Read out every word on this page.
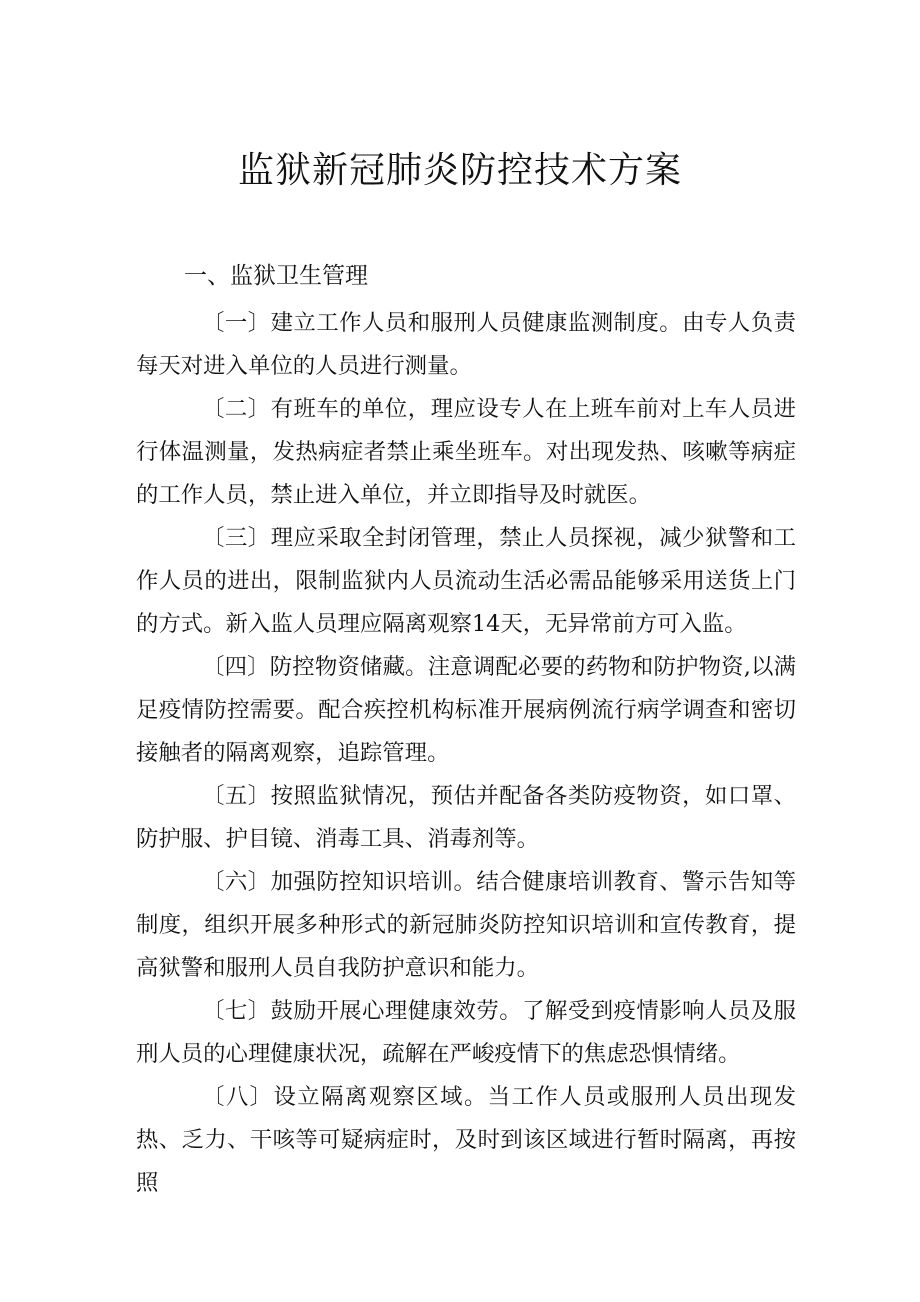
监狱新冠肺炎防控技术方案
一、监狱卫生管理

〔一〕建立工作人员和服刑人员健康监测制度。由专人负责每天对进入单位的人员进行测量。

〔二〕有班车的单位，理应设专人在上班车前对上车人员进行体温测量，发热病症者禁止乘坐班车。对出现发热、咳嗽等病症的工作人员，禁止进入单位，并立即指导及时就医。

〔三〕理应采取全封闭管理，禁止人员探视，减少狱警和工作人员的进出，限制监狱内人员流动生活必需品能够采用送货上门的方式。新入监人员理应隔离观察14天，无异常前方可入监。

〔四〕防控物资储藏。注意调配必要的药物和防护物资,以满足疫情防控需要。配合疾控机构标准开展病例流行病学调查和密切接触者的隔离观察，追踪管理。

〔五〕按照监狱情况，预估并配备各类防疫物资，如口罩、防护服、护目镜、消毒工具、消毒剂等。

〔六〕加强防控知识培训。结合健康培训教育、警示告知等制度，组织开展多种形式的新冠肺炎防控知识培训和宣传教育，提高狱警和服刑人员自我防护意识和能力。

〔七〕鼓励开展心理健康效劳。了解受到疫情影响人员及服刑人员的心理健康状况，疏解在严峻疫情下的焦虑恐惧情绪。

〔八〕设立隔离观察区域。当工作人员或服刑人员出现发热、乏力、干咳等可疑病症时，及时到该区域进行暂时隔离，再按照
